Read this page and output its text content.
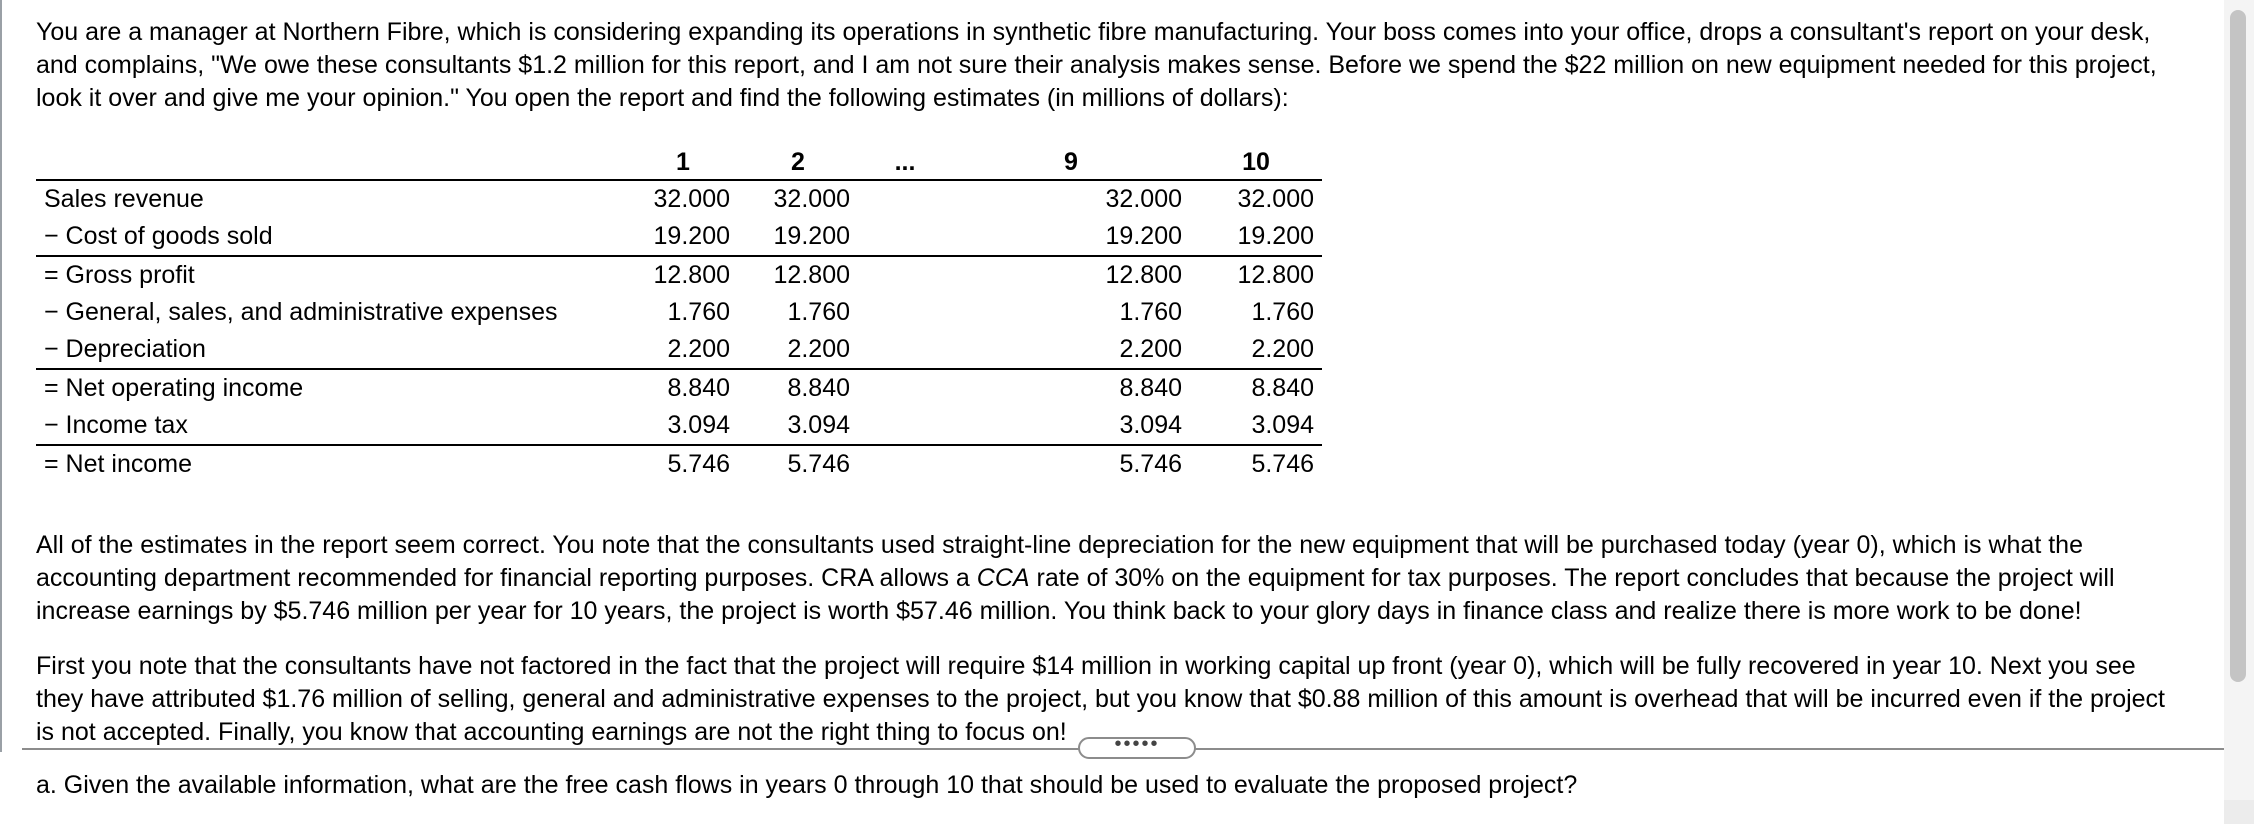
You are a manager at Northern Fibre, which is considering expanding its operations in synthetic fibre manufacturing. Your boss comes into your office, drops a consultant's report on your desk, and complains, "We owe these consultants $1.2 million for this report, and I am not sure their analysis makes sense. Before we spend the $22 million on new equipment needed for this project, look it over and give me your opinion." You open the report and find the following estimates (in millions of dollars):

	1	2	...	9	10
Sales revenue	32.000	32.000		32.000	32.000
− Cost of goods sold	19.200	19.200		19.200	19.200
= Gross profit	12.800	12.800		12.800	12.800
− General, sales, and administrative expenses	1.760	1.760		1.760	1.760
− Depreciation	2.200	2.200		2.200	2.200
= Net operating income	8.840	8.840		8.840	8.840
− Income tax	3.094	3.094		3.094	3.094
= Net income	5.746	5.746		5.746	5.746

All of the estimates in the report seem correct. You note that the consultants used straight-line depreciation for the new equipment that will be purchased today (year 0), which is what the accounting department recommended for financial reporting purposes. CRA allows a CCA rate of 30% on the equipment for tax purposes. The report concludes that because the project will increase earnings by $5.746 million per year for 10 years, the project is worth $57.46 million. You think back to your glory days in finance class and realize there is more work to be done!

First you note that the consultants have not factored in the fact that the project will require $14 million in working capital up front (year 0), which will be fully recovered in year 10. Next you see they have attributed $1.76 million of selling, general and administrative expenses to the project, but you know that $0.88 million of this amount is overhead that will be incurred even if the project is not accepted. Finally, you know that accounting earnings are not the right thing to focus on!	•••••

a. Given the available information, what are the free cash flows in years 0 through 10 that should be used to evaluate the proposed project?
